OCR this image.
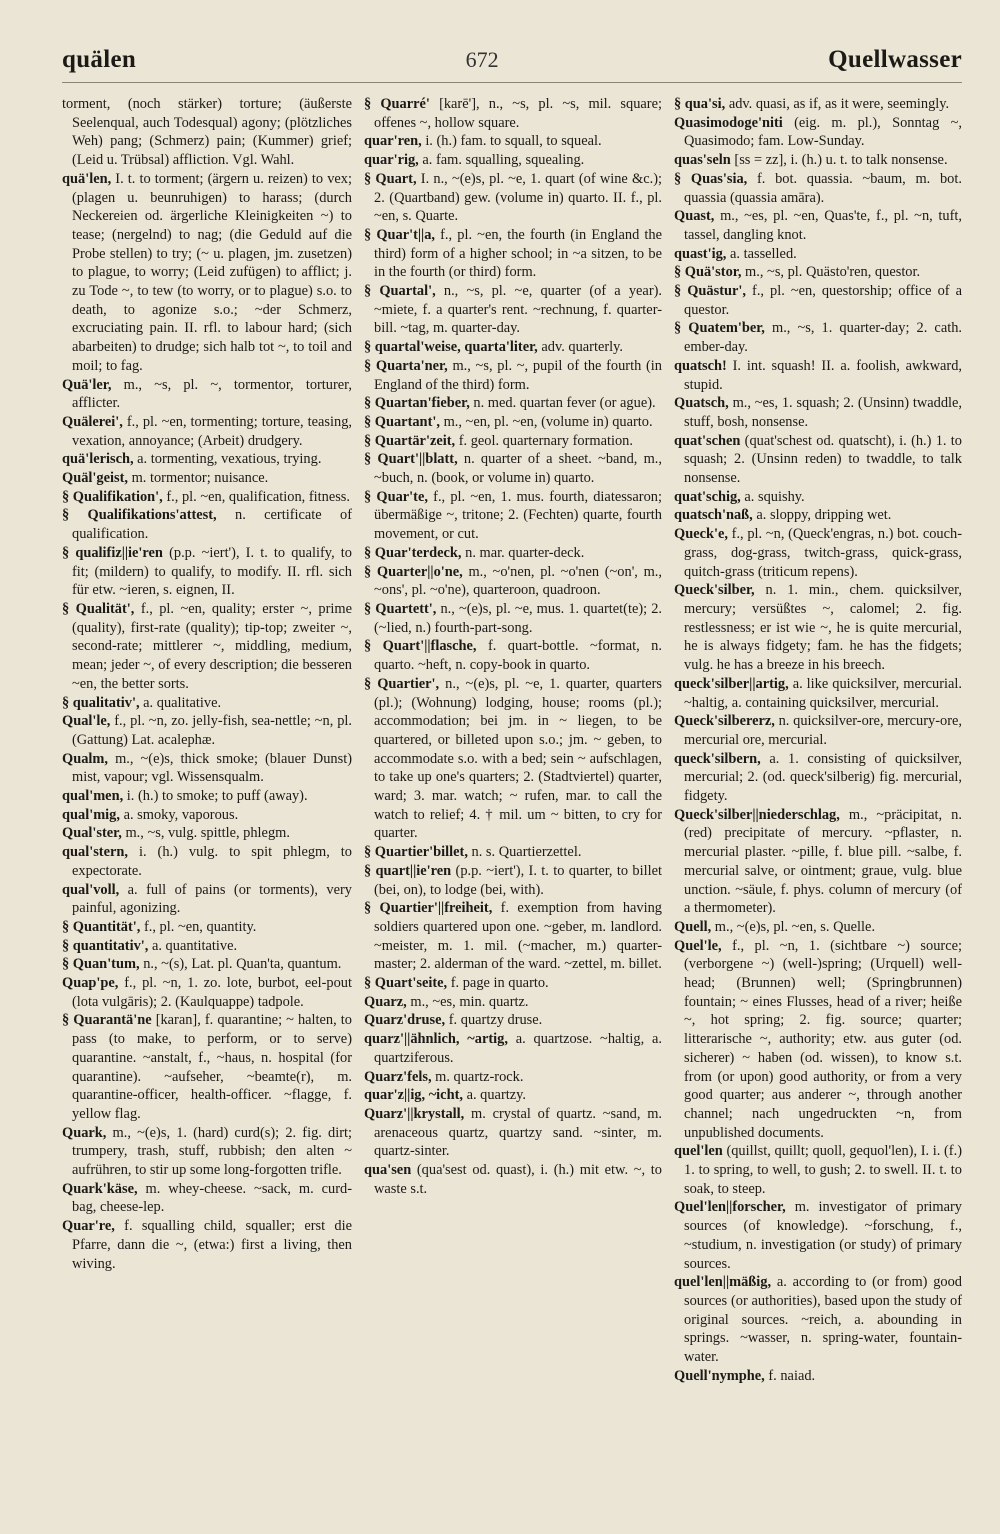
quälen	672	Quellwasser

torment, (noch stärker) torture; (äußerste Seelenqual, auch Todesqual) agony; (plötzliches Weh) pang; (Schmerz) pain; (Kummer) grief; (Leid u. Trübsal) affliction. Vgl. Wahl.

quä'len, I. t. to torment; (ärgern u. reizen) to vex; (plagen u. beunruhigen) to harass; (durch Neckereien od. ärgerliche Kleinigkeiten ~) to tease; (nergelnd) to nag; (die Geduld auf die Probe stellen) to try; (~ u. plagen, jm. zusetzen) to plague, to worry; (Leid zufügen) to afflict; j. zu Tode ~, to tew (to worry, or to plague) s.o. to death, to agonize s.o.; ~der Schmerz, excruciating pain. II. rfl. to labour hard; (sich abarbeiten) to drudge; sich halb tot ~, to toil and moil; to fag.

Quä'ler, m., ~s, pl. ~, tormentor, torturer, afflicter.

Quälerei', f., pl. ~en, tormenting; torture, teasing, vexation, annoyance; (Arbeit) drudgery.

quä'lerisch, a. tormenting, vexatious, trying.

Quäl'geist, m. tormentor; nuisance.

§ Qualifikation', f., pl. ~en, qualification, fitness.

§ Qualifikations'attest, n. certificate of qualification.

§ qualifiz||ie'ren (p.p. ~iert'), I. t. to qualify, to fit; (mildern) to qualify, to modify. II. rfl. sich für etw. ~ieren, s. eignen, II.

§ Qualität', f., pl. ~en, quality; erster ~, prime (quality), first-rate (quality); tip-top; zweiter ~, second-rate; mittlerer ~, middling, medium, mean; jeder ~, of every description; die besseren ~en, the better sorts.

§ qualitativ', a. qualitative.

Qual'le, f., pl. ~n, zo. jelly-fish, sea-nettle; ~n, pl. (Gattung) Lat. acalephæ.

Qualm, m., ~(e)s, thick smoke; (blauer Dunst) mist, vapour; vgl. Wissensqualm.

qual'men, i. (h.) to smoke; to puff (away).

qual'mig, a. smoky, vaporous.

Qual'ster, m., ~s, vulg. spittle, phlegm.

qual'stern, i. (h.) vulg. to spit phlegm, to expectorate.

qual'voll, a. full of pains (or torments), very painful, agonizing.

§ Quantität', f., pl. ~en, quantity.

§ quantitativ', a. quantitative.

§ Quan'tum, n., ~(s), Lat. pl. Quan'ta, quantum.

Quap'pe, f., pl. ~n, 1. zo. lote, burbot, eel-pout (lota vulgāris); 2. (Kaulquappe) tadpole.

§ Quarantä'ne [karan], f. quarantine; ~ halten, to pass (to make, to perform, or to serve) quarantine. ~anstalt, f., ~haus, n. hospital (for quarantine). ~aufseher, ~beamte(r), m. quarantine-officer, health-officer. ~flagge, f. yellow flag.

Quark, m., ~(e)s, 1. (hard) curd(s); 2. fig. dirt; trumpery, trash, stuff, rubbish; den alten ~ aufrühren, to stir up some long-forgotten trifle.

Quark'käse, m. whey-cheese. ~sack, m. curd-bag, cheese-lep.

Quar're, f. squalling child, squaller; erst die Pfarre, dann die ~, (etwa:) first a living, then wiving.

§ Quarré' [karē'], n., ~s, pl. ~s, mil. square; offenes ~, hollow square.

quar'ren, i. (h.) fam. to squall, to squeal.

quar'rig, a. fam. squalling, squealing.

§ Quart, I. n., ~(e)s, pl. ~e, 1. quart (of wine &c.); 2. (Quartband) gew. (volume in) quarto. II. f., pl. ~en, s. Quarte.

§ Quar't||a, f., pl. ~en, the fourth (in England the third) form of a higher school; in ~a sitzen, to be in the fourth (or third) form.

§ Quartal', n., ~s, pl. ~e, quarter (of a year). ~miete, f. a quarter's rent. ~rechnung, f. quarter-bill. ~tag, m. quarter-day.

§ quartal'weise, quarta'liter, adv. quarterly.

§ Quarta'ner, m., ~s, pl. ~, pupil of the fourth (in England of the third) form.

§ Quartan'fieber, n. med. quartan fever (or ague).

§ Quartant', m., ~en, pl. ~en, (volume in) quarto.

§ Quartär'zeit, f. geol. quarternary formation.

§ Quart'||blatt, n. quarter of a sheet. ~band, m., ~buch, n. (book, or volume in) quarto.

§ Quar'te, f., pl. ~en, 1. mus. fourth, diatessaron; übermäßige ~, tritone; 2. (Fechten) quarte, fourth movement, or cut.

§ Quar'terdeck, n. mar. quarter-deck.

§ Quarter||o'ne, m., ~o'nen, pl. ~o'nen (~on', m., ~ons', pl. ~o'ne), quarteroon, quadroon.

§ Quartett', n., ~(e)s, pl. ~e, mus. 1. quartet(te); 2. (~lied, n.) fourth-part-song.

§ Quart'||flasche, f. quart-bottle. ~format, n. quarto. ~heft, n. copy-book in quarto.

§ Quartier', n., ~(e)s, pl. ~e, 1. quarter, quarters (pl.); (Wohnung) lodging, house; rooms (pl.); accommodation; bei jm. in ~ liegen, to be quartered, or billeted upon s.o.; jm. ~ geben, to accommodate s.o. with a bed; sein ~ aufschlagen, to take up one's quarters; 2. (Stadtviertel) quarter, ward; 3. mar. watch; ~ rufen, mar. to call the watch to relief; 4. † mil. um ~ bitten, to cry for quarter.

§ Quartier'billet, n. s. Quartierzettel.

§ quart||ie'ren (p.p. ~iert'), I. t. to quarter, to billet (bei, on), to lodge (bei, with).

§ Quartier'||freiheit, f. exemption from having soldiers quartered upon one. ~geber, m. landlord. ~meister, m. 1. mil. (~macher, m.) quarter-master; 2. alderman of the ward. ~zettel, m. billet.

§ Quart'seite, f. page in quarto.

Quarz, m., ~es, min. quartz.

Quarz'druse, f. quartzy druse.

quarz'||ähnlich, ~artig, a. quartzose. ~haltig, a. quartziferous.

Quarz'fels, m. quartz-rock.

quar'z||ig, ~icht, a. quartzy.

Quarz'||krystall, m. crystal of quartz. ~sand, m. arenaceous quartz, quartzy sand. ~sinter, m. quartz-sinter.

qua'sen (qua'sest od. quast), i. (h.) mit etw. ~, to waste s.t.

§ qua'si, adv. quasi, as if, as it were, seemingly.

Quasimodoge'niti (eig. m. pl.), Sonntag ~, Quasimodo; fam. Low-Sunday.

quas'seln [ss = zz], i. (h.) u. t. to talk nonsense.

§ Quas'sia, f. bot. quassia. ~baum, m. bot. quassia (quassia amāra).

Quast, m., ~es, pl. ~en, Quas'te, f., pl. ~n, tuft, tassel, dangling knot.

quast'ig, a. tasselled.

§ Quä'stor, m., ~s, pl. Quästo'ren, questor.

§ Quästur', f., pl. ~en, questorship; office of a questor.

§ Quatem'ber, m., ~s, 1. quarter-day; 2. cath. ember-day.

quatsch! I. int. squash! II. a. foolish, awkward, stupid.

Quatsch, m., ~es, 1. squash; 2. (Unsinn) twaddle, stuff, bosh, nonsense.

quat'schen (quat'schest od. quatscht), i. (h.) 1. to squash; 2. (Unsinn reden) to twaddle, to talk nonsense.

quat'schig, a. squishy.

quatsch'naß, a. sloppy, dripping wet.

Queck'e, f., pl. ~n, (Queck'engras, n.) bot. couch-grass, dog-grass, twitch-grass, quick-grass, quitch-grass (triticum repens).

Queck'silber, n. 1. min., chem. quicksilver, mercury; versüßtes ~, calomel; 2. fig. restlessness; er ist wie ~, he is quite mercurial, he is always fidgety; fam. he has the fidgets; vulg. he has a breeze in his breech.

queck'silber||artig, a. like quicksilver, mercurial. ~haltig, a. containing quicksilver, mercurial.

Queck'silbererz, n. quicksilver-ore, mercury-ore, mercurial ore, mercurial.

queck'silbern, a. 1. consisting of quicksilver, mercurial; 2. (od. queck'silberig) fig. mercurial, fidgety.

Queck'silber||niederschlag, m., ~präcipitat, n. (red) precipitate of mercury. ~pflaster, n. mercurial plaster. ~pille, f. blue pill. ~salbe, f. mercurial salve, or ointment; graue, vulg. blue unction. ~säule, f. phys. column of mercury (of a thermometer).

Quell, m., ~(e)s, pl. ~en, s. Quelle.

Quel'le, f., pl. ~n, 1. (sichtbare ~) source; (verborgene ~) (well-)spring; (Urquell) well-head; (Brunnen) well; (Springbrunnen) fountain; ~ eines Flusses, head of a river; heiße ~, hot spring; 2. fig. source; quarter; litterarische ~, authority; etw. aus guter (od. sicherer) ~ haben (od. wissen), to know s.t. from (or upon) good authority, or from a very good quarter; aus anderer ~, through another channel; nach ungedruckten ~n, from unpublished documents.

quel'len (quillst, quillt; quoll, gequol'len), I. i. (f.) 1. to spring, to well, to gush; 2. to swell. II. t. to soak, to steep.

Quel'len||forscher, m. investigator of primary sources (of knowledge). ~forschung, f., ~studium, n. investigation (or study) of primary sources.

quel'len||mäßig, a. according to (or from) good sources (or authorities), based upon the study of original sources. ~reich, a. abounding in springs. ~wasser, n. spring-water, fountain-water.

Quell'nymphe, f. naiad.
